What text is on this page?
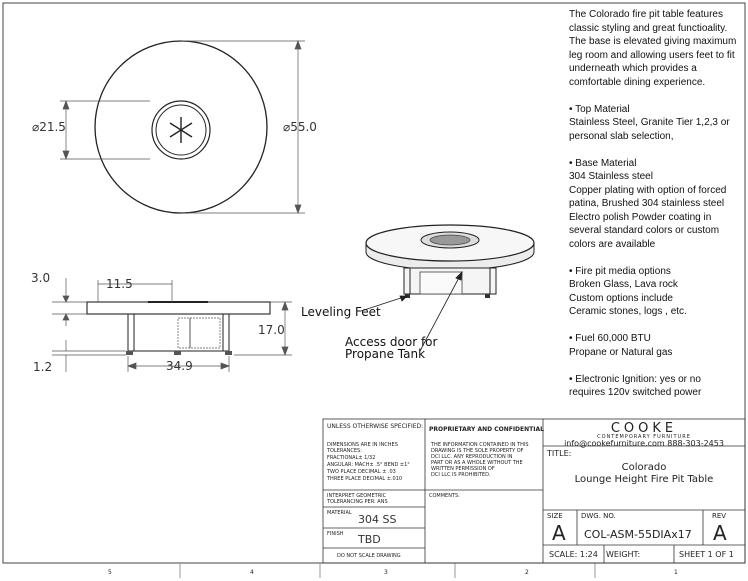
5	4	3	2	1
⌀21.5	⌀55.0
3.0	11.5
17.0
1.2	34.9
Leveling Feet
Access door for
Propane Tank
UNLESS OTHERWISE SPECIFIED:
DIMENSIONS ARE IN INCHES
TOLERANCES:
FRACTIONAL± 1/32
ANGULAR: MACH± .5° BEND ±1°
TWO PLACE DECIMAL ± .03
THREE PLACE DECIMAL ±.010
INTERPRET GEOMETRIC
TOLERANCING PER: ANS
MATERIAL 304 SS
FINISH TBD
DO NOT SCALE DRAWING
PROPRIETARY AND CONFIDENTIAL
THE INFORMATION CONTAINED IN THIS
DRAWING IS THE SOLE PROPERTY OF
DCI LLC. ANY REPRODUCTION IN
PART OR AS A WHOLE WITHOUT THE
WRITTEN PERMISSION OF
DCI LLC IS PROHIBITED.
COMMENTS:
COOKE
CONTEMPORARY FURNITURE
info@cookefurniture.com 888-303-2453
TITLE:
Colorado
Lounge Height Fire Pit Table
SIZE
A
DWG. NO.
COL-ASM-55DIAx17
REV
A
SCALE: 1:24 WEIGHT:	SHEET 1 OF 1

The Colorado fire pit table features classic styling and great functioality. The base is elevated giving maximum leg room and allowing users feet to fit underneath which provides a comfortable dining experience.

• Top Material
Stainless Steel, Granite Tier 1,2,3 or personal slab selection,

• Base Material
304 Stainless steel
Copper plating with option of forced patina, Brushed 304 stainless steel Electro polish Powder coating in several standard colors or custom colors are available

• Fire pit media options
Broken Glass, Lava rock
Custom options include
Ceramic stones, logs , etc.

• Fuel 60,000 BTU
Propane or Natural gas

• Electronic Ignition: yes or no
requires 120v switched power
